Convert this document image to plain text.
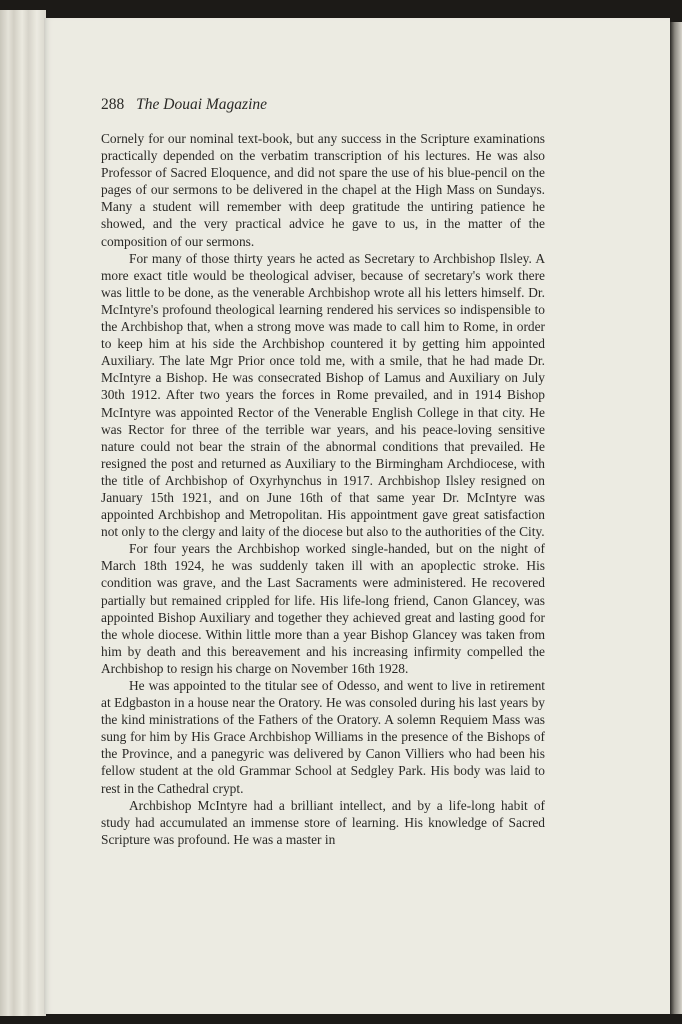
288 The Douai Magazine

Cornely for our nominal text-book, but any success in the Scripture examinations practically depended on the verbatim transcription of his lectures. He was also Professor of Sacred Eloquence, and did not spare the use of his blue-pencil on the pages of our sermons to be delivered in the chapel at the High Mass on Sundays. Many a student will remember with deep gratitude the untiring patience he showed, and the very practical advice he gave to us, in the matter of the composition of our sermons.

For many of those thirty years he acted as Secretary to Archbishop Ilsley. A more exact title would be theological adviser, because of secretary's work there was little to be done, as the venerable Archbishop wrote all his letters himself. Dr. McIntyre's profound theological learning rendered his services so indispensible to the Archbishop that, when a strong move was made to call him to Rome, in order to keep him at his side the Archbishop countered it by getting him appointed Auxiliary. The late Mgr Prior once told me, with a smile, that he had made Dr. McIntyre a Bishop. He was consecrated Bishop of Lamus and Auxiliary on July 30th 1912. After two years the forces in Rome prevailed, and in 1914 Bishop McIntyre was appointed Rector of the Venerable English College in that city. He was Rector for three of the terrible war years, and his peace-loving sensitive nature could not bear the strain of the abnormal conditions that prevailed. He resigned the post and returned as Auxiliary to the Birmingham Archdiocese, with the title of Archbishop of Oxyrhynchus in 1917. Archbishop Ilsley resigned on January 15th 1921, and on June 16th of that same year Dr. McIntyre was appointed Archbishop and Metropolitan. His appointment gave great satisfaction not only to the clergy and laity of the diocese but also to the authorities of the City.

For four years the Archbishop worked single-handed, but on the night of March 18th 1924, he was suddenly taken ill with an apoplectic stroke. His condition was grave, and the Last Sacraments were administered. He recovered partially but remained crippled for life. His life-long friend, Canon Glancey, was appointed Bishop Auxiliary and together they achieved great and lasting good for the whole diocese. Within little more than a year Bishop Glancey was taken from him by death and this bereavement and his increasing infirmity compelled the Archbishop to resign his charge on November 16th 1928.

He was appointed to the titular see of Odesso, and went to live in retirement at Edgbaston in a house near the Oratory. He was consoled during his last years by the kind ministrations of the Fathers of the Oratory. A solemn Requiem Mass was sung for him by His Grace Archbishop Williams in the presence of the Bishops of the Province, and a panegyric was delivered by Canon Villiers who had been his fellow student at the old Grammar School at Sedgley Park. His body was laid to rest in the Cathedral crypt.

Archbishop McIntyre had a brilliant intellect, and by a life-long habit of study had accumulated an immense store of learning. His knowledge of Sacred Scripture was profound. He was a master in
